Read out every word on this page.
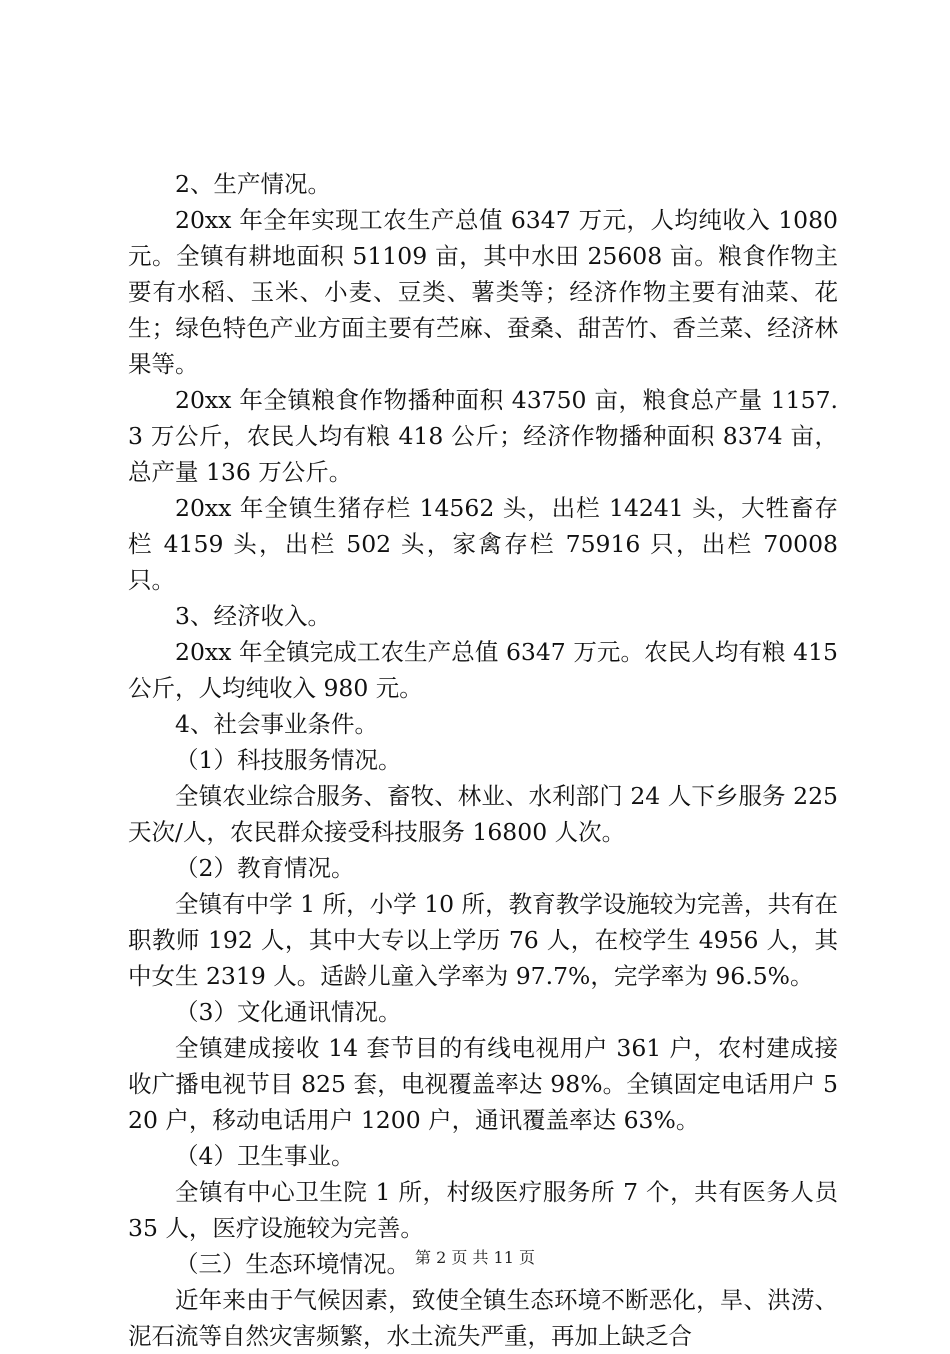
2、生产情况。

20xx 年全年实现工农生产总值 6347 万元，人均纯收入 1080 元。全镇有耕地面积 51109 亩，其中水田 25608 亩。粮食作物主要有水稻、玉米、小麦、豆类、薯类等；经济作物主要有油菜、花生；绿色特色产业方面主要有苎麻、蚕桑、甜苦竹、香兰菜、经济林果等。

20xx 年全镇粮食作物播种面积 43750 亩，粮食总产量 1157.3 万公斤，农民人均有粮 418 公斤；经济作物播种面积 8374 亩，总产量 136 万公斤。

20xx 年全镇生猪存栏 14562 头，出栏 14241 头，大牲畜存栏 4159 头，出栏 502 头，家禽存栏 75916 只，出栏 70008 只。

3、经济收入。

20xx 年全镇完成工农生产总值 6347 万元。农民人均有粮 415 公斤，人均纯收入 980 元。

4、社会事业条件。

（1）科技服务情况。

全镇农业综合服务、畜牧、林业、水利部门 24 人下乡服务 225 天次/人，农民群众接受科技服务 16800 人次。

（2）教育情况。

全镇有中学 1 所，小学 10 所，教育教学设施较为完善，共有在职教师 192 人，其中大专以上学历 76 人，在校学生 4956 人，其中女生 2319 人。适龄儿童入学率为 97.7%，完学率为 96.5%。

（3）文化通讯情况。

全镇建成接收 14 套节目的有线电视用户 361 户，农村建成接收广播电视节目 825 套，电视覆盖率达 98%。全镇固定电话用户 520 户，移动电话用户 1200 户，通讯覆盖率达 63%。

（4）卫生事业。

全镇有中心卫生院 1 所，村级医疗服务所 7 个，共有医务人员 35 人，医疗设施较为完善。

（三）生态环境情况。

近年来由于气候因素，致使全镇生态环境不断恶化，旱、洪涝、泥石流等自然灾害频繁，水土流失严重，再加上缺乏合

第 2 页 共 11 页
